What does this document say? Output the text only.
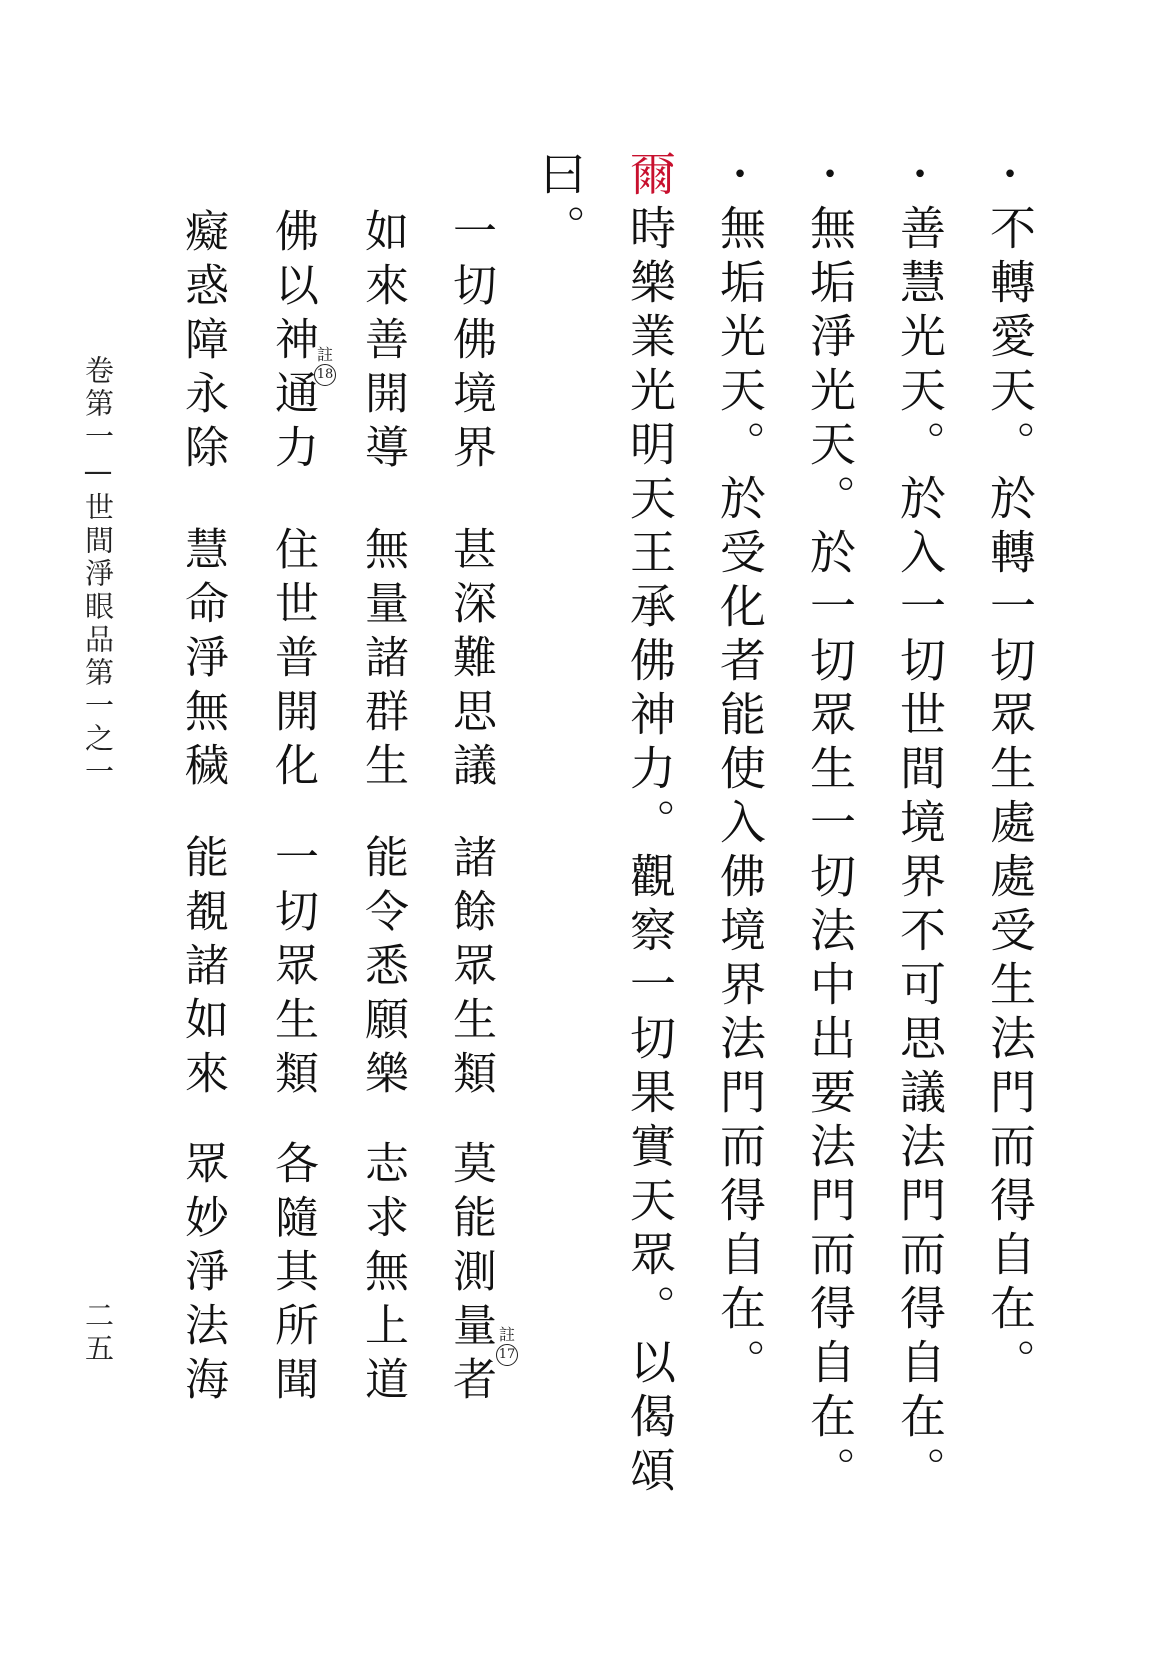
•不轉愛天。於轉一切眾生處處受生法門而得自在。
•善慧光天。於入一切世間境界不可思議法門而得自在。
•無垢淨光天。於一切眾生一切法中出要法門而得自在。
•無垢光天。於受化者能使入佛境界法門而得自在。
爾時樂業光明天王承佛神力。觀察一切果實天眾。以偈頌
曰。
一切佛境界
甚深難思議
諸餘眾生類
莫能測量者 註
17
如來善開導
無量諸群生
能令悉願樂
志求無上道
佛以神通力
住世普開化
一切眾生類
各隨其所聞
註
18
癡惑障永除
慧命淨無穢
能覩諸如來
眾妙淨法海
卷第一—世間淨眼品第一之一
二五
